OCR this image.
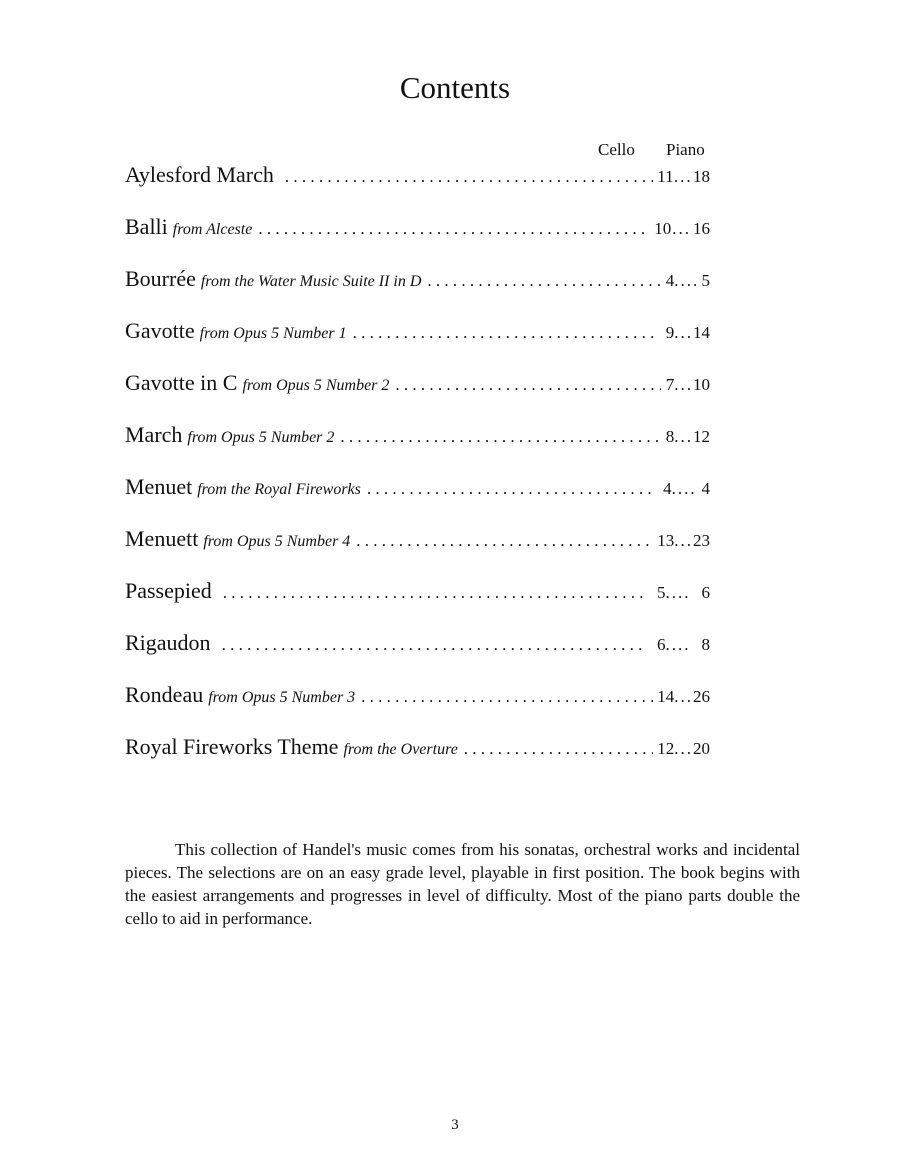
Contents
Cello Piano
Aylesford March . . .	11 ... 18
Balli from Alceste . . .	10 ... 16
Bourrée from the Water Music Suite II in D . . .	4 .... 5
Gavotte from Opus 5 Number 1 . . .	9 ... 14
Gavotte in C from Opus 5 Number 2 . . .	7 ... 10
March from Opus 5 Number 2 . . .	8 ... 12
Menuet from the Royal Fireworks . . .	4 .... 4
Menuett from Opus 5 Number 4 . . .	13 ... 23
Passepied . . .	5 .... 6
Rigaudon . . .	6 .... 8
Rondeau from Opus 5 Number 3 . . .	14 ... 26
Royal Fireworks Theme from the Overture . . .	12 ... 20

This collection of Handel's music comes from his sonatas, orchestral works and incidental pieces. The selections are on an easy grade level, playable in first position. The book begins with the easiest arrangements and progresses in level of difficulty. Most of the piano parts double the cello to aid in performance.

3
